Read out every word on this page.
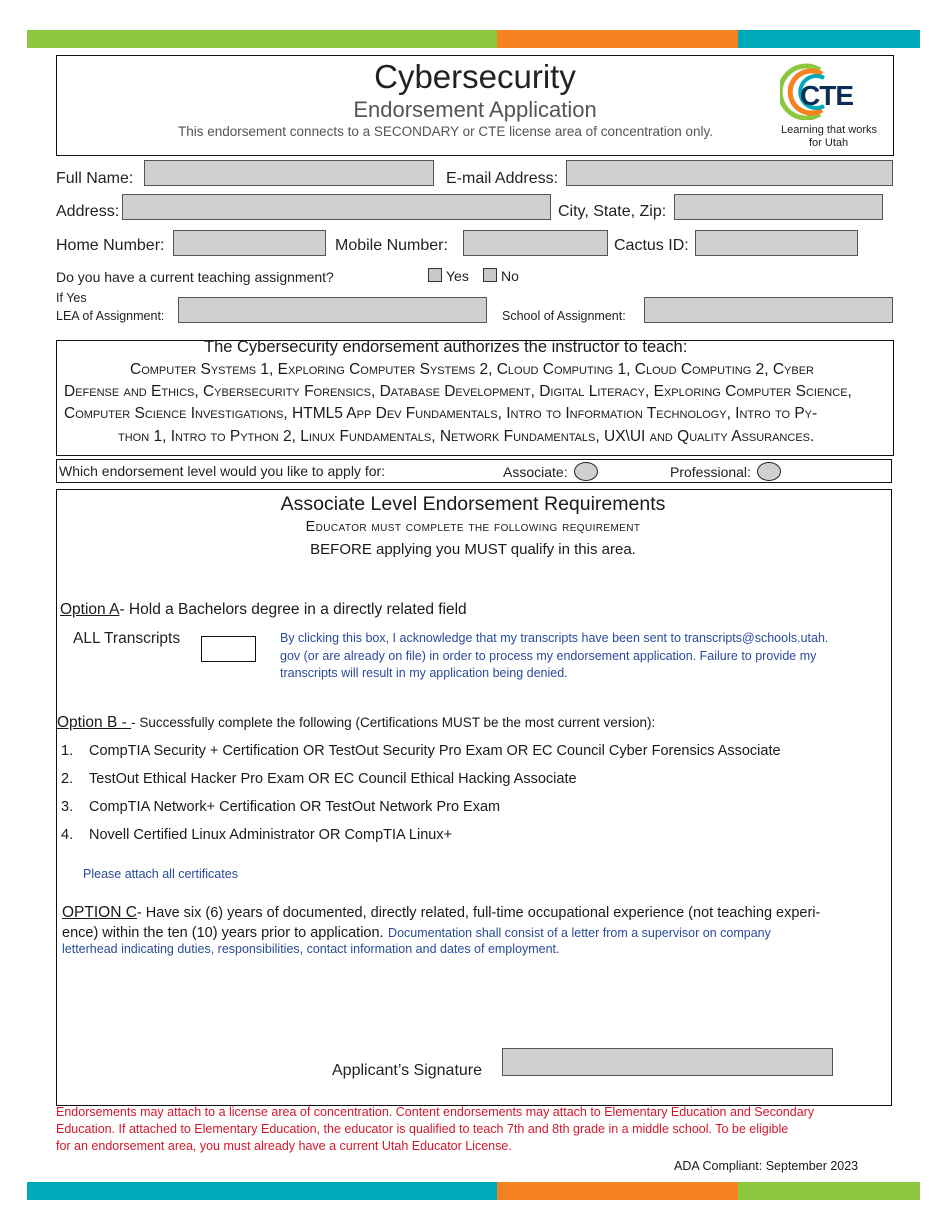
Cybersecurity
Endorsement Application
This endorsement connects to a SECONDARY or CTE license area of concentration only.
CTE
Learning that works
for Utah
Full Name:	E-mail Address:
Address:	City, State, Zip:
Home Number:	Mobile Number:	Cactus ID:
Do you have a current teaching assignment?	Yes	No
If Yes
LEA of Assignment:	School of Assignment:
The Cybersecurity endorsement authorizes the instructor to teach:
Computer Systems 1, Exploring Computer Systems 2, Cloud Computing 1, Cloud Computing 2, Cyber
Defense and Ethics, Cybersecurity Forensics, Database Development, Digital Literacy, Exploring Computer Science,
Computer Science Investigations, HTML5 App Dev Fundamentals, Intro to Information Technology, Intro to Py-
thon 1, Intro to Python 2, Linux Fundamentals, Network Fundamentals, UX\UI and Quality Assurances.
Which endorsement level would you like to apply for:	Associate:	Professional:
Associate Level Endorsement Requirements
Educator must complete the following requirement
BEFORE applying you MUST qualify in this area.
Option A- Hold a Bachelors degree in a directly related field
ALL Transcripts	By clicking this box, I acknowledge that my transcripts have been sent to transcripts@schools.utah.
gov (or are already on file) in order to process my endorsement application. Failure to provide my
transcripts will result in my application being denied.
Option B - - Successfully complete the following (Certifications MUST be the most current version):
1. CompTIA Security + Certification OR TestOut Security Pro Exam OR EC Council Cyber Forensics Associate
2. TestOut Ethical Hacker Pro Exam OR EC Council Ethical Hacking Associate
3. CompTIA Network+ Certification OR TestOut Network Pro Exam
4. Novell Certified Linux Administrator OR CompTIA Linux+
Please attach all certificates
OPTION C- Have six (6) years of documented, directly related, full-time occupational experience (not teaching experi-
ence) within the ten (10) years prior to application. Documentation shall consist of a letter from a supervisor on company
letterhead indicating duties, responsibilities, contact information and dates of employment.
Applicant’s Signature
Endorsements may attach to a license area of concentration. Content endorsements may attach to Elementary Education and Secondary
Education. If attached to Elementary Education, the educator is qualified to teach 7th and 8th grade in a middle school. To be eligible
for an endorsement area, you must already have a current Utah Educator License.
ADA Compliant: September 2023
